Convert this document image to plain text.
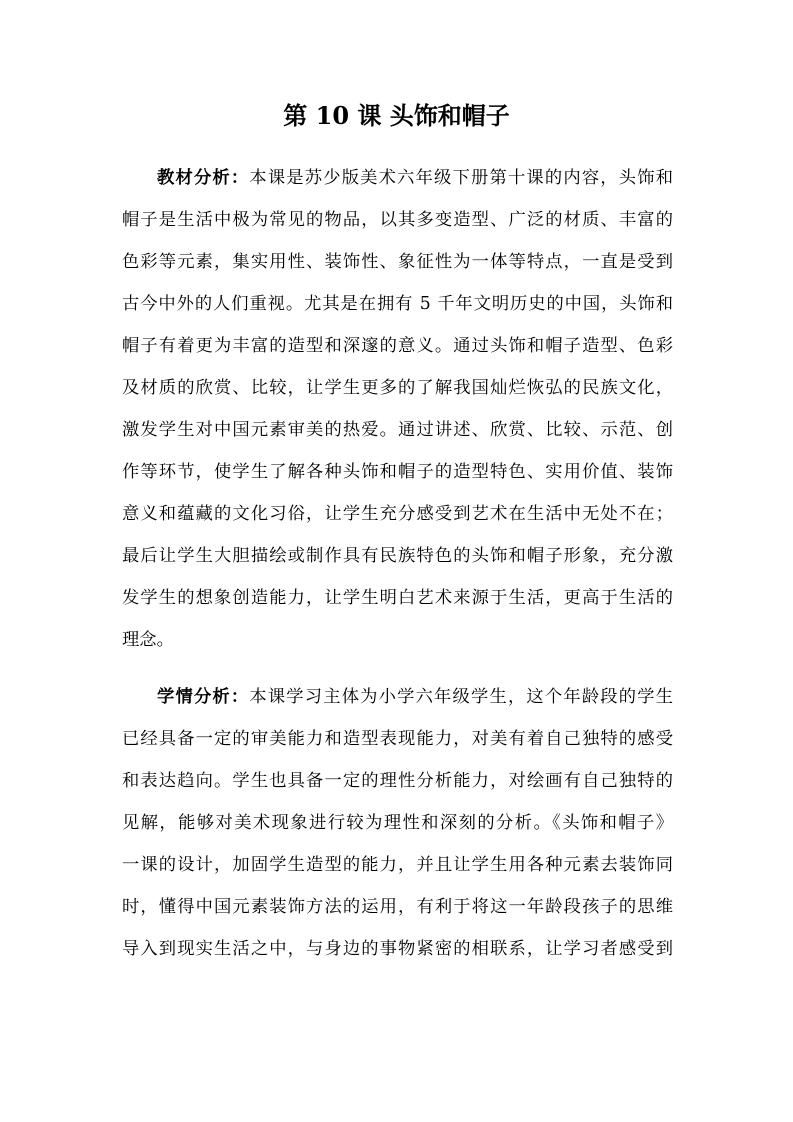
第 10 课 头饰和帽子
教材分析：本课是苏少版美术六年级下册第十课的内容，头饰和
帽子是生活中极为常见的物品，以其多变造型、广泛的材质、丰富的
色彩等元素，集实用性、装饰性、象征性为一体等特点，一直是受到
古今中外的人们重视。尤其是在拥有 5 千年文明历史的中国，头饰和
帽子有着更为丰富的造型和深邃的意义。通过头饰和帽子造型、色彩
及材质的欣赏、比较，让学生更多的了解我国灿烂恢弘的民族文化，
激发学生对中国元素审美的热爱。通过讲述、欣赏、比较、示范、创
作等环节，使学生了解各种头饰和帽子的造型特色、实用价值、装饰
意义和蕴藏的文化习俗，让学生充分感受到艺术在生活中无处不在；
最后让学生大胆描绘或制作具有民族特色的头饰和帽子形象，充分激
发学生的想象创造能力，让学生明白艺术来源于生活，更高于生活的
理念。
学情分析：本课学习主体为小学六年级学生，这个年龄段的学生
已经具备一定的审美能力和造型表现能力，对美有着自己独特的感受
和表达趋向。学生也具备一定的理性分析能力，对绘画有自己独特的
见解，能够对美术现象进行较为理性和深刻的分析。《头饰和帽子》
一课的设计，加固学生造型的能力，并且让学生用各种元素去装饰同
时，懂得中国元素装饰方法的运用，有利于将这一年龄段孩子的思维
导入到现实生活之中，与身边的事物紧密的相联系，让学习者感受到
